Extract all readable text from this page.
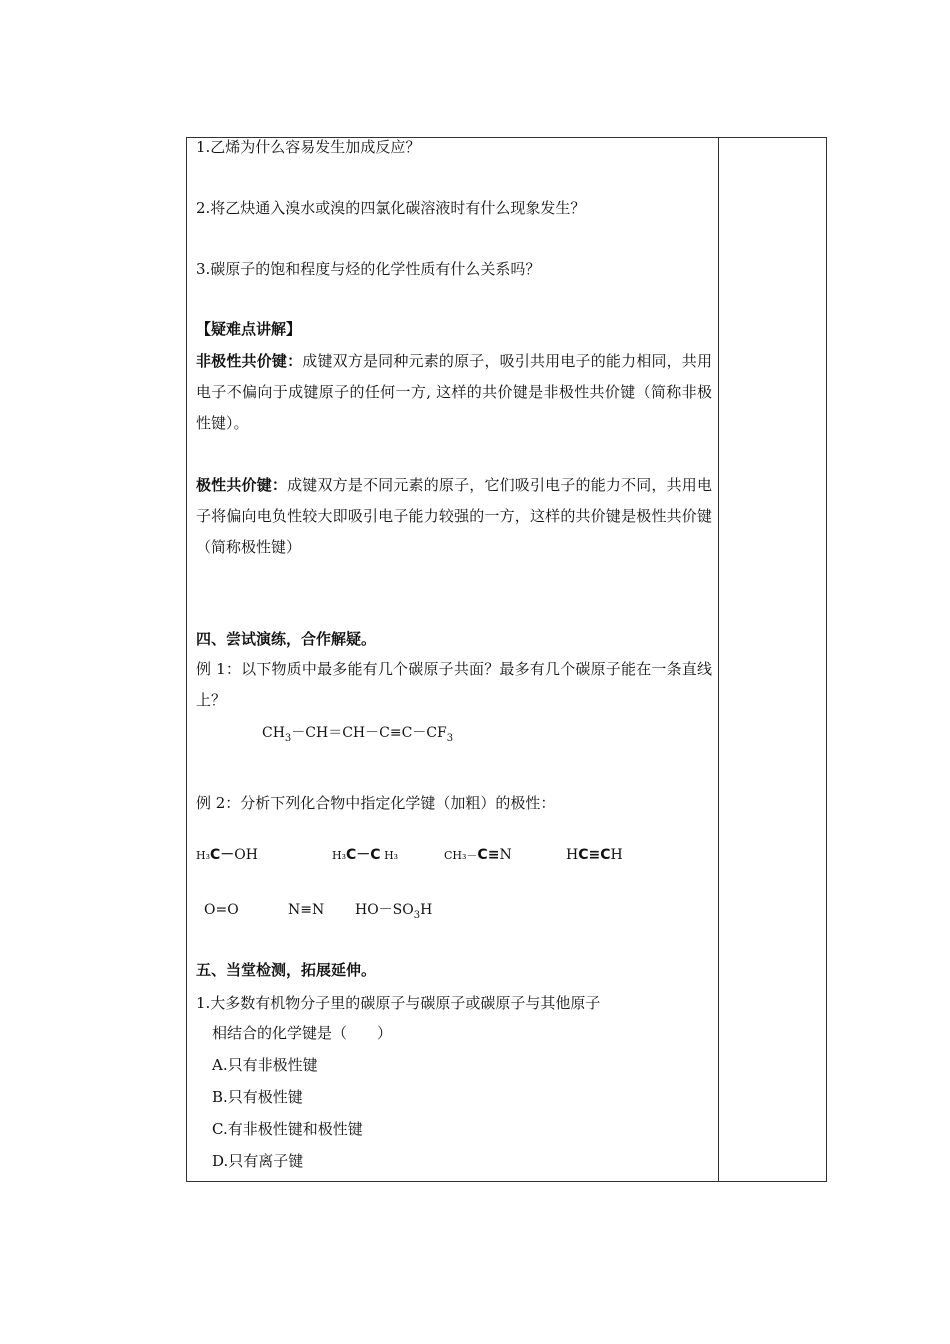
1.乙烯为什么容易发生加成反应？
2.将乙炔通入溴水或溴的四氯化碳溶液时有什么现象发生？
3.碳原子的饱和程度与烃的化学性质有什么关系吗？
【疑难点讲解】
非极性共价键：成键双方是同种元素的原子，吸引共用电子的能力相同，共用电子不偏向于成键原子的任何一方, 这样的共价键是非极性共价键（简称非极性键）。
极性共价键：成键双方是不同元素的原子，它们吸引电子的能力不同，共用电子将偏向电负性较大即吸引电子能力较强的一方，这样的共价键是极性共价键（简称极性键）
四、尝试演练，合作解疑。
例 1：以下物质中最多能有几个碳原子共面？最多有几个碳原子能在一条直线上？
$CH_3-CH=CH-C\equiv C-CF_3$
例 2：分析下列化合物中指定化学键（加粗）的极性：
H₃C－OH	H₃C－C H₃	CH₃－C≡N	HC≡CH
O=O	N≡N $HO-SO_3H$
五、当堂检测，拓展延伸。
1.大多数有机物分子里的碳原子与碳原子或碳原子与其他原子
相结合的化学键是（　　）
A.只有非极性键
B.只有极性键
C.有非极性键和极性键
D.只有离子键
